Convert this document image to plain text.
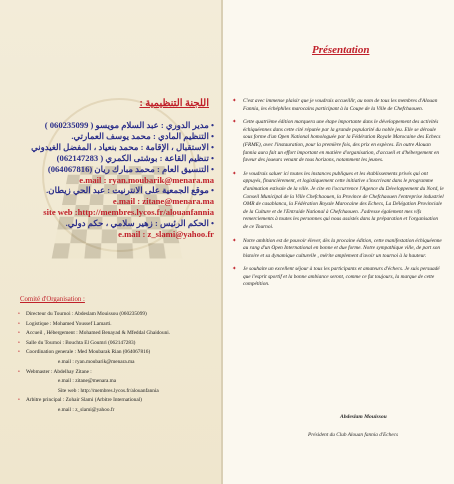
اللجنة التنظيمية :
• مدير الدوري : عبد السلام مويسو ( 060235099 )
• التنظيم المادي : محمد يوسف العمارتي.
• الاستقبال ، الإقامة : محمد بنعياد ، المفضل الغيدوني
• تنظيم القاعة : بوشتى الكمري ( 062147283)
• التنسيق العام : محمد مبارك ريان (064067816)
e.mail : ryan.moubarik@menara.ma
• موقع الجمعية على الانترنيت : عبد الحي زيطان.
e.mail : zitane@menara.ma
site web :http://membres.lycos.fr/alouanfannia
• الحكم الرئيس : زهير سلامي ، حكم دولي.
e.mail : z_slami@yahoo.fr
Comité d'Organisation :
• Directeur du Tournoi : Abdeslam Mouissou (060235099)
• Logistique : Mohamed Youssef Lamarti.
• Accueil , Hébergement : Mohamed Benayad & Mfeddal Ghaidouni.
• Salle du Tournoi : Bouchta El Goumri (062147283)
• Coordination generale : Med Moubarak Rian (064067816)
e.mail : ryan.moubarik@menara.ma
• Webmaster : Abdelhay Zitane :
e.mail : zitane@menara.ma
Site web : http://membres.lycos.fr/alouanfannia
• Arbitre principal : Zohair Slami (Arbitre International)
e.mail : z_slami@yahoo.fr
Présentation

✦ C'est avec immense plaisir que je voudrais accueillir, au nom de tous les membres d'Alouan Fannia, les échéphiles marocains participant à la Coupe de la Ville de Chefchaouen.

✦ Cette quatrième édition marquera une étape importante dans le développement des activités échiquéennes dans cette cité réputée par la grande popularité du noble jeu. Elle se déroule sous forme d'un Open National homologuée par la Fédération Royale Marocaine des Echecs (FRME), avec l'instauration, pour la première fois, des prix en espèces. En outre Alouan fannia aura fait un effort important en matière d'organisation, d'accueil et d'hébergement en faveur des joueurs venant de tous horizons, notamment les jeunes.

✦ Je voudrais saluer ici toutes les instances publiques et les établissements privés qui ont appuyés, financièrement, et logistiquement cette initiative s'inscrivant dans le programme d'animation estivale de la ville. Je cite en l'occurrence l'Agence du Développement du Nord, le Conseil Municipal de la Ville Chefchaouen, la Province de Chefchaouen l'entreprise industriel OMR de casablanca, la Fédération Royale Marocaine des Echecs, La Délégation Provinciale de la Culture et de l'Entraide National à Chefchaouen. J'adresse également mes vifs remerciements à toutes les personnes qui nous assistés dans la préparation et l'organisation de ce Tournoi.

✦ Notre ambition est de pouvoir élever, dès la procaine édition, cette manifestation échiquéenne au rang d'un Open International en bonne et due forme. Notre sympathique ville, de part son histoire et sa dynamique culturelle , mérite amplement d'avoir un tournoi à la hauteur.

✦ Je souhaite un excellent séjour à tous les participants et amateurs d'échecs. Je suis persuadé que l'esprit sportif et la bonne ambiance seront, comme ce fut toujours, la marque de cette compétition.

Abdeslam Mouissou
Président du Club Alouan fannia d'Echecs
